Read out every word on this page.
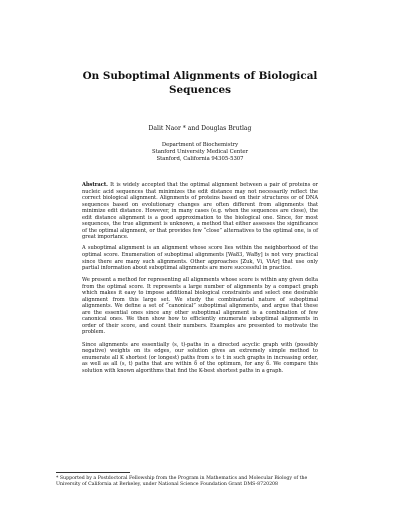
On Suboptimal Alignments of Biological
Sequences

Dalit Naor * and Douglas Brutlag

Department of Biochemistry
Stanford University Medical Center
Stanford, California 94305-5307

Abstract. It is widely accepted that the optimal alignment between a pair of proteins or nucleic acid sequences that minimizes the edit distance may not necessarily reflect the correct biological alignment. Alignments of proteins based on their structures or of DNA sequences based on evolutionary changes are often different from alignments that minimize edit distance. However, in many cases (e.g. when the sequences are close), the edit distance alignment is a good approximation to the biological one. Since, for most sequences, the true alignment is unknown, a method that either assesses the significance of the optimal alignment, or that provides few “close” alternatives to the optimal one, is of great importance.

A suboptimal alignment is an alignment whose score lies within the neighborhood of the optimal score. Enumeration of suboptimal alignments [Wa83, WaBy] is not very practical since there are many such alignments. Other approaches [Zuk, Vi, ViAr] that use only partial information about suboptimal alignments are more successful in practice.

We present a method for representing all alignments whose score is within any given delta from the optimal score. It represents a large number of alignments by a compact graph which makes it easy to impose additional biological constraints and select one desirable alignment from this large set. We study the combinatorial nature of suboptimal alignments. We define a set of “canonical” suboptimal alignments, and argue that these are the essential ones since any other suboptimal alignment is a combination of few canonical ones. We then show how to efficiently enumerate suboptimal alignments in order of their score, and count their numbers. Examples are presented to motivate the problem.

Since alignments are essentially (s, t)-paths in a directed acyclic graph with (possibly negative) weights on its edges, our solution gives an extremely simple method to enumerate all K shortest (or longest) paths from s to t in such graphs in increasing order, as well as all (s, t) paths that are within δ of the optimum, for any δ. We compare this solution with known algorithms that find the K-best shortest paths in a graph.

* Supported by a Postdoctoral Fellowship from the Program in Mathematics and Molecular Biology of the University of California at Berkeley, under National Science Foundation Grant DMS-8720208
